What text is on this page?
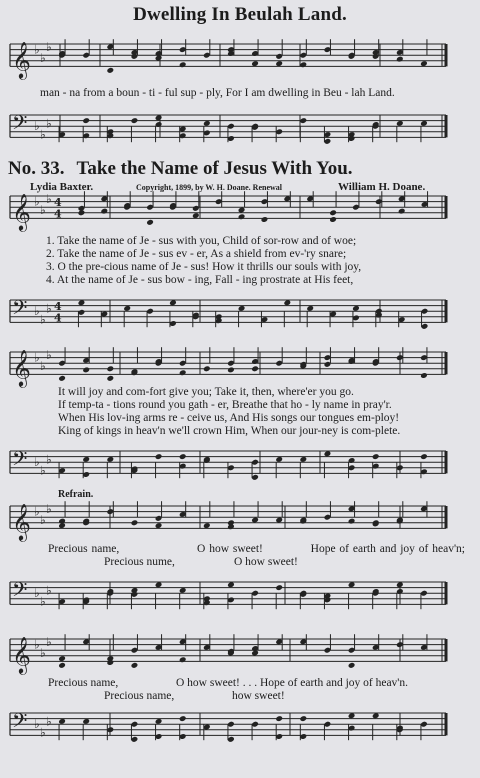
Dwelling In Beulah Land.
man - na from a boun - ti - ful sup - ply, For I am dwelling in Beu - lah Land.
No. 33. Take the Name of Jesus With You.
Lydia Baxter.	Copyright, 1899, by W. H. Doane. Renewal	William H. Doane.
1. Take the name of Je - sus with you, Child of sor-row and of woe;
2. Take the name of Je - sus ev - er, As a shield from ev-'ry snare;
3. O the pre-cious name of Je - sus! How it thrills our souls with joy,
4. At the name of Je - sus bow - ing, Fall - ing prostrate at His feet,
It will joy and com-fort give you; Take it, then, where'er you go.
If temp-ta - tions round you gath - er, Breathe that ho - ly name in pray'r.
When His lov-ing arms re - ceive us, And His songs our tongues em-ploy!
King of kings in heav'n we'll crown Him, When our jour-ney is com-plete.
Refrain.
Precious name,	O how sweet!	Hope of earth and joy of heav'n;
Precious nume,	O how sweet!
Precious name,	O how sweet! . . . Hope of earth and joy of heav'n.
Precious name,	how sweet!
𝄞 ♭
♭
♭
𝄢 ♭
♭
♭
𝄞 ♭
♭
♭ 4
4
𝄢 ♭
♭
♭ 4
4
𝄞 ♭
♭
♭
𝄢 ♭
♭
♭
𝄞 ♭
♭
♭
𝄢 ♭
♭
♭
𝄞 ♭
♭
♭
𝄢 ♭
♭
♭
